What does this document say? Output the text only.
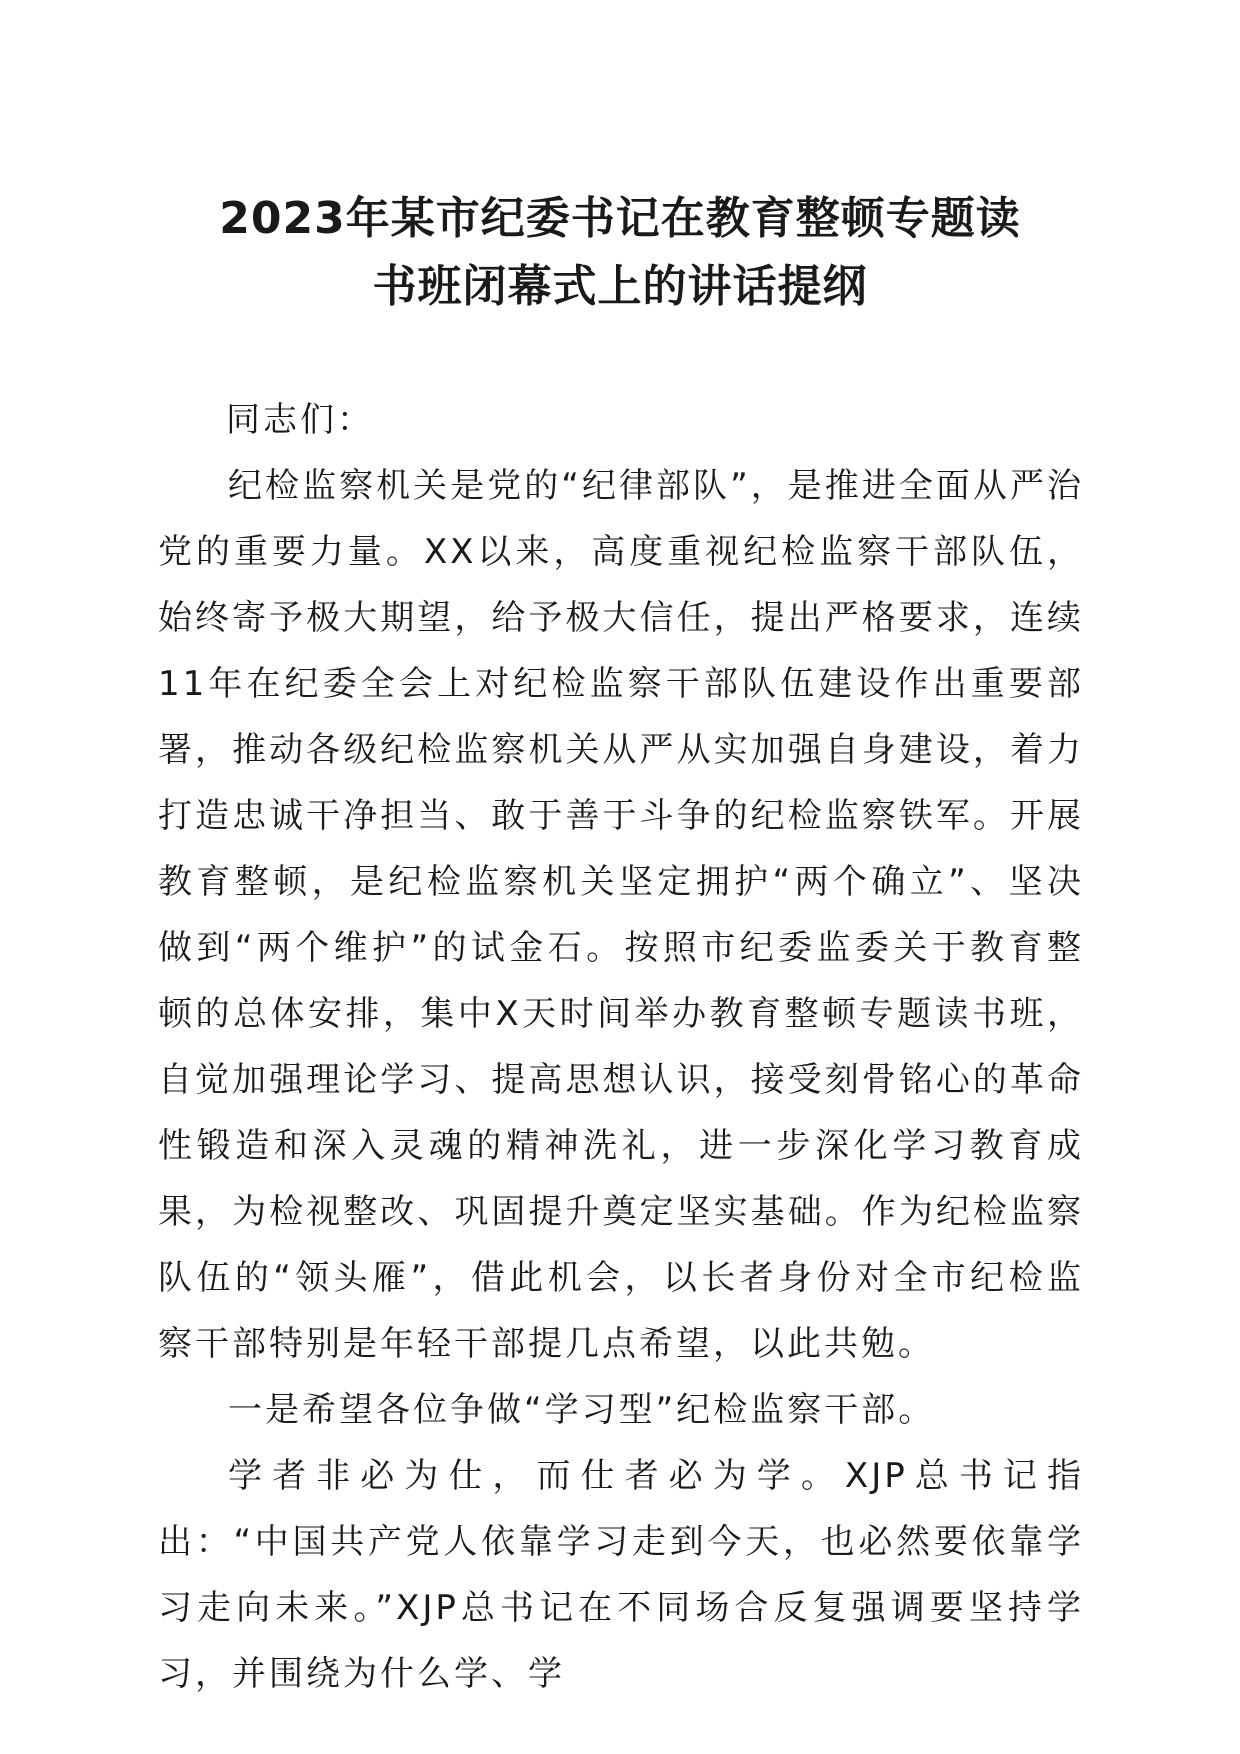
2023年某市纪委书记在教育整顿专题读
书班闭幕式上的讲话提纲

同志们：

纪检监察机关是党的“纪律部队”，是推进全面从严治党的重要力量。XX以来，高度重视纪检监察干部队伍，始终寄予极大期望，给予极大信任，提出严格要求，连续11年在纪委全会上对纪检监察干部队伍建设作出重要部署，推动各级纪检监察机关从严从实加强自身建设，着力打造忠诚干净担当、敢于善于斗争的纪检监察铁军。开展教育整顿，是纪检监察机关坚定拥护“两个确立”、坚决做到“两个维护”的试金石。按照市纪委监委关于教育整顿的总体安排，集中X天时间举办教育整顿专题读书班，自觉加强理论学习、提高思想认识，接受刻骨铭心的革命性锻造和深入灵魂的精神洗礼，进一步深化学习教育成果，为检视整改、巩固提升奠定坚实基础。作为纪检监察队伍的“领头雁”，借此机会，以长者身份对全市纪检监察干部特别是年轻干部提几点希望，以此共勉。

一是希望各位争做“学习型”纪检监察干部。

学者非必为仕，而仕者必为学。XJP总书记指出：“中国共产党人依靠学习走到今天，也必然要依靠学习走向未来。”XJP总书记在不同场合反复强调要坚持学习，并围绕为什么学、学
